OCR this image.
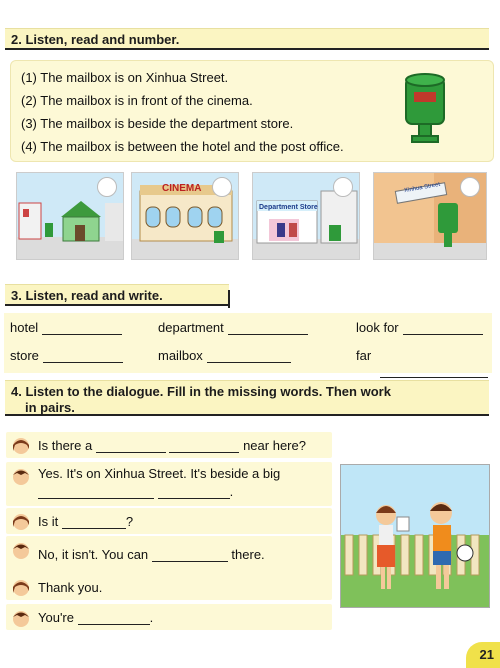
2. Listen, read and number.
(1) The mailbox is on Xinhua Street.
(2) The mailbox is in front of the cinema.
(3) The mailbox is beside the department store.
(4) The mailbox is between the hotel and the post office.
CINEMA
Department Store
Xinhua Street
3. Listen, read and write.
hotel	department	look for
store	mailbox	far
4. Listen to the dialogue. Fill in the missing words. Then work
in pairs.
Is there a	near here?
Yes. It's on Xinhua Street. It's beside a big
.
Is it	?
No, it isn't. You can	there.
Thank you.
You're	.
21
